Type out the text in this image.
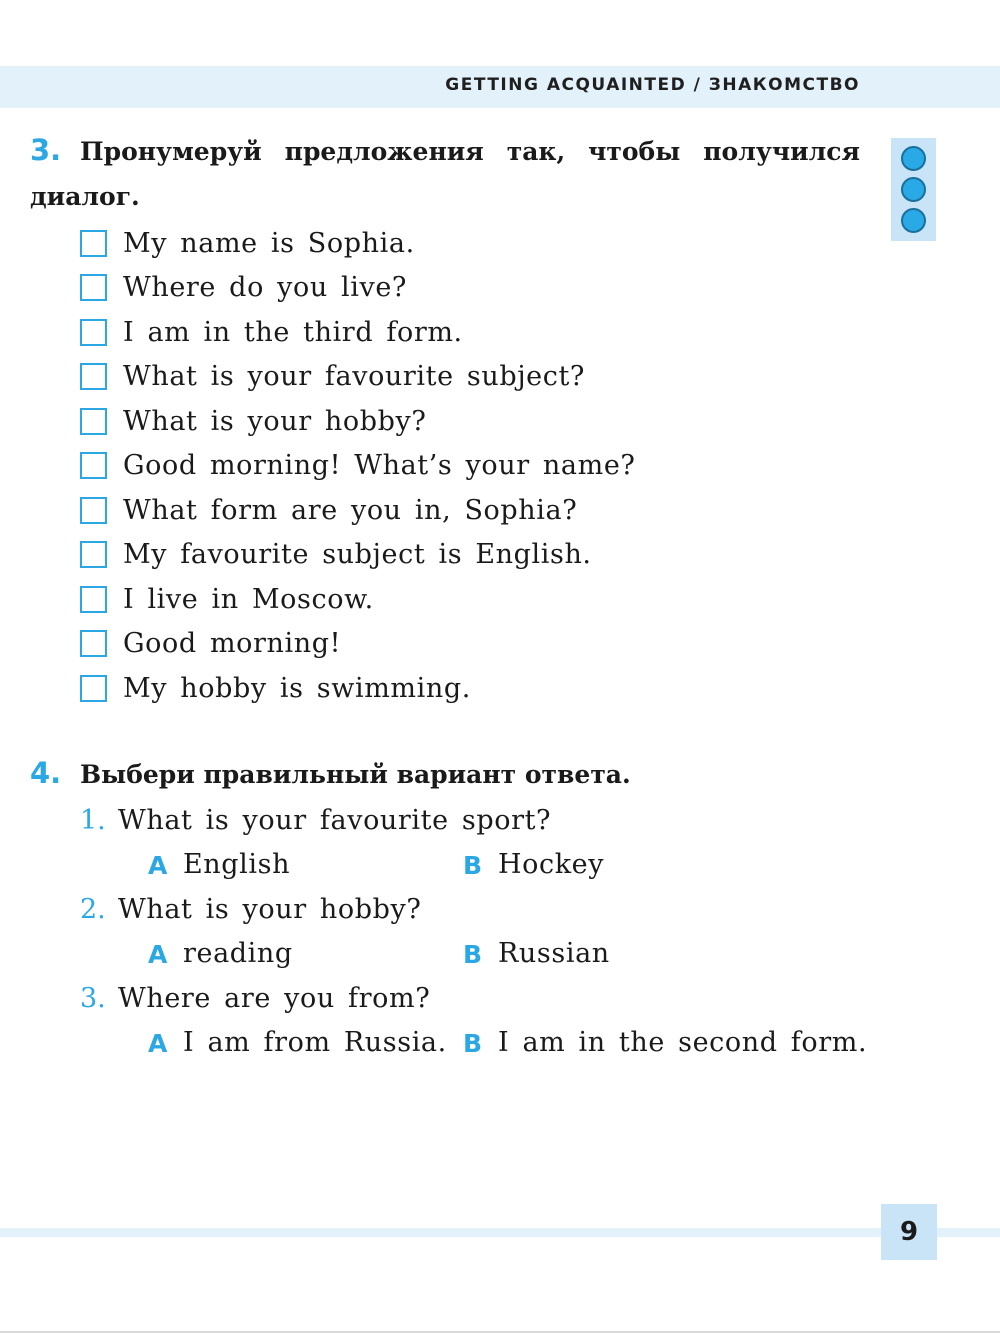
GETTING ACQUAINTED / ЗНАКОМСТВО
3. Пронумеруй предложения так, чтобы получился
диалог.
My name is Sophia.
Where do you live?
I am in the third form.
What is your favourite subject?
What is your hobby?
Good morning! What’s your name?
What form are you in, Sophia?
My favourite subject is English.
I live in Moscow.
Good morning!
My hobby is swimming.
4. Выбери правильный вариант ответа.
1. What is your favourite sport?
A English	B Hockey
2. What is your hobby?
A reading	B Russian
3. Where are you from?
A I am from Russia. B I am in the second form.
9
